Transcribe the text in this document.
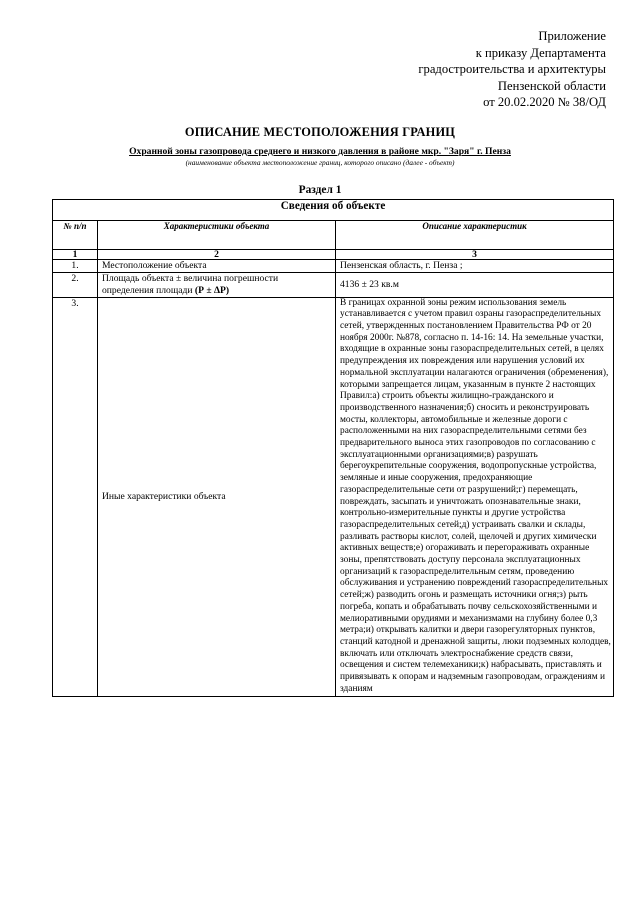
Приложение
к приказу Департамента
градостроительства и архитектуры
Пензенской области
от 20.02.2020 № 38/ОД
ОПИСАНИЕ МЕСТОПОЛОЖЕНИЯ ГРАНИЦ
Охранной зоны газопровода среднего и низкого давления в районе мкр. "Заря" г. Пенза
(наименование объекта местоположение границ, которого описано (далее - объект)
Раздел 1
Сведения об объекте		
№ п/п	Характеристики объекта	Описание характеристик
1	2	3
1.	Местоположение объекта	Пензенская область, г. Пенза ;
2.	Площадь объекта ± величина погрешности определения площади (Р ± ΔР)	4136 ± 23 кв.м
3.	Иные характеристики объекта	В границах охранной зоны режим использования земель устанавливается с учетом правил озраны газораспределительных сетей, утвержденных постановлением Правительства РФ от 20 ноября 2000г. №878, согласно п. 14-16: 14. На земельные участки, входящие в охранные зоны газораспределительных сетей, в целях предупреждения их повреждения или нарушения условий их нормальной эксплуатации налагаются ограничения (обременения), которыми запрещается лицам, указанным в пункте 2 настоящих Правил:а) строить объекты жилищно-гражданского и производственного назначения;б) сносить и реконструировать мосты, коллекторы, автомобильные и железные дороги с расположенными на них газораспределительными сетями без предварительного выноса этих газопроводов по согласованию с эксплуатационными организациями;в) разрушать берегоукрепительные сооружения, водопропускные устройства, земляные и иные сооружения, предохраняющие газораспределительные сети от разрушений;г) перемещать, повреждать, засыпать и уничтожать опознавательные знаки, контрольно-измерительные пункты и другие устройства газораспределительных сетей;д) устраивать свалки и склады, разливать растворы кислот, солей, щелочей и других химически активных веществ;е) огораживать и перегораживать охранные зоны, препятствовать доступу персонала эксплуатационных организаций к газораспределительным сетям, проведению обслуживания и устранению повреждений газораспределительных сетей;ж) разводить огонь и размещать источники огня;з) рыть погреба, копать и обрабатывать почву сельскохозяйственными и мелиоративными орудиями и механизмами на глубину более 0,3 метра;и) открывать калитки и двери газорегуляторных пунктов, станций катодной и дренажной защиты, люки подземных колодцев, включать или отключать электроснабжение средств связи, освещения и систем телемеханики;к) набрасывать, приставлять и привязывать к опорам и надземным газопроводам, ограждениям и зданиям
